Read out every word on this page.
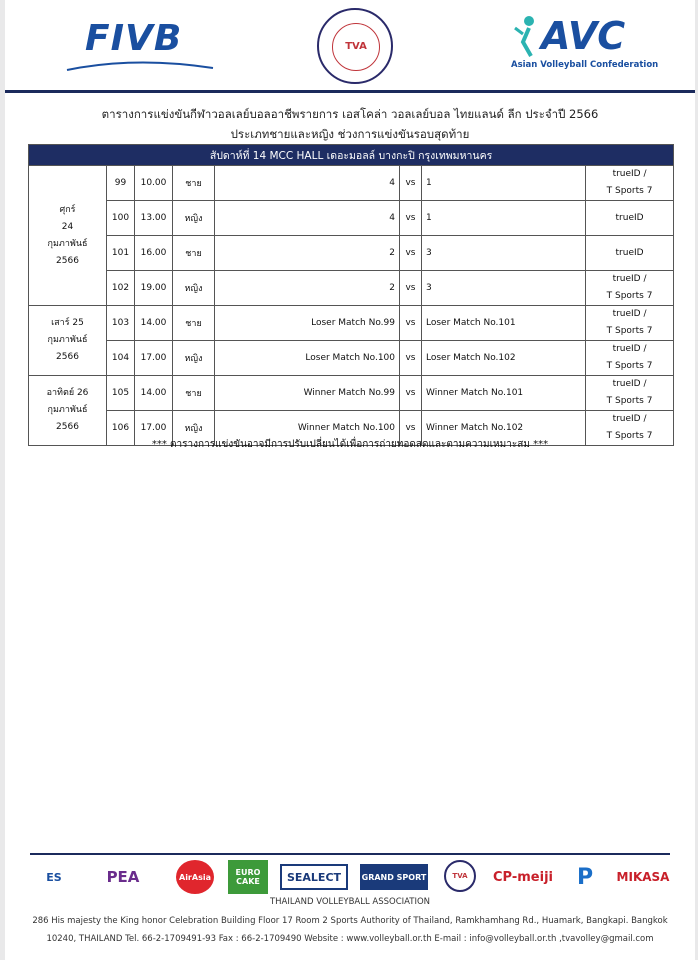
FIVB	TVA	AVC
Asian Volleyball Confederation
ตารางการแข่งขันกีฬาวอลเลย์บอลอาชีพรายการ เอสโคล่า วอลเลย์บอล ไทยแลนด์ ลีก ประจำปี 2566
ประเภทชายและหญิง ช่วงการแข่งขันรอบสุดท้าย
สัปดาห์ที่ 14 MCC HALL เดอะมอลล์ บางกะปิ กรุงเทพมหานคร							
ศุกร์
24
กุมภาพันธ์
2566	99	10.00	ชาย	4	vs	1	trueID /
T Sports 7
	100	13.00	หญิง	4	vs	1	trueID
	101	16.00	ชาย	2	vs	3	trueID
	102	19.00	หญิง	2	vs	3	trueID /
T Sports 7
เสาร์ 25
กุมภาพันธ์
2566	103	14.00	ชาย	Loser Match No.99	vs	Loser Match No.101	trueID /
T Sports 7
	104	17.00	หญิง	Loser Match No.100	vs	Loser Match No.102	trueID /
T Sports 7
อาทิตย์ 26
กุมภาพันธ์
2566	105	14.00	ชาย	Winner Match No.99	vs	Winner Match No.101	trueID /
T Sports 7
	106	17.00	หญิง	Winner Match No.100	vs	Winner Match No.102	trueID /
T Sports 7
*** ตารางการแข่งขันอาจมีการปรับเปลี่ยนได้เพื่อการถ่ายทอดสดและตามความเหมาะสม ***
ES	PEA	AirAsia	EURO CAKE	SEALECT	GRAND SPORT	TVA	CP-meiji	P	MIKASA
THAILAND VOLLEYBALL ASSOCIATION
286 His majesty the King honor Celebration Building Floor 17 Room 2 Sports Authority of Thailand, Ramkhamhang Rd., Huamark, Bangkapi. Bangkok
10240, THAILAND Tel. 66-2-1709491-93 Fax : 66-2-1709490 Website : www.volleyball.or.th E-mail : info@volleyball.or.th ,tvavolley@gmail.com
